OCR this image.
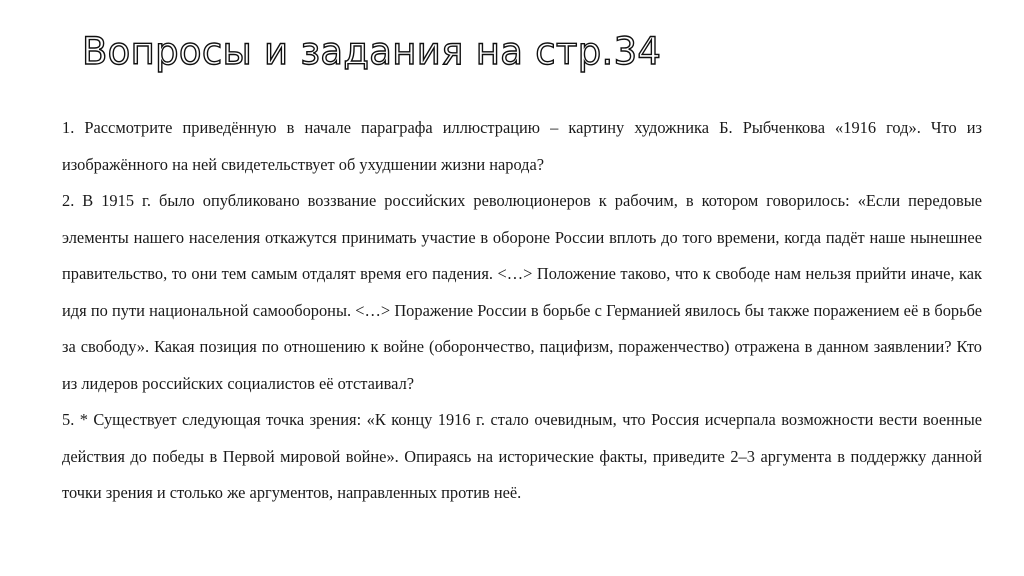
Вопросы и задания на стр.34

1. Рассмотрите приведённую в начале параграфа иллюстрацию – картину художника Б. Рыбченкова «1916 год». Что из изображённого на ней свидетельствует об ухудшении жизни народа?

2. В 1915 г. было опубликовано воззвание российских революционеров к рабочим, в котором говорилось: «Если передовые элементы нашего населения откажутся принимать участие в обороне России вплоть до того времени, когда падёт наше нынешнее правительство, то они тем самым отдалят время его падения. <…> Положение таково, что к свободе нам нельзя прийти иначе, как идя по пути национальной самообороны. <…> Поражение России в борьбе с Германией явилось бы также поражением её в борьбе за свободу». Какая позиция по отношению к войне (оборончество, пацифизм, пораженчество) отражена в данном заявлении? Кто из лидеров российских социалистов её отстаивал?

5. * Существует следующая точка зрения: «К концу 1916 г. стало очевидным, что Россия исчерпала возможности вести военные действия до победы в Первой мировой войне». Опираясь на исторические факты, приведите 2–3 аргумента в поддержку данной точки зрения и столько же аргументов, направленных против неё.
